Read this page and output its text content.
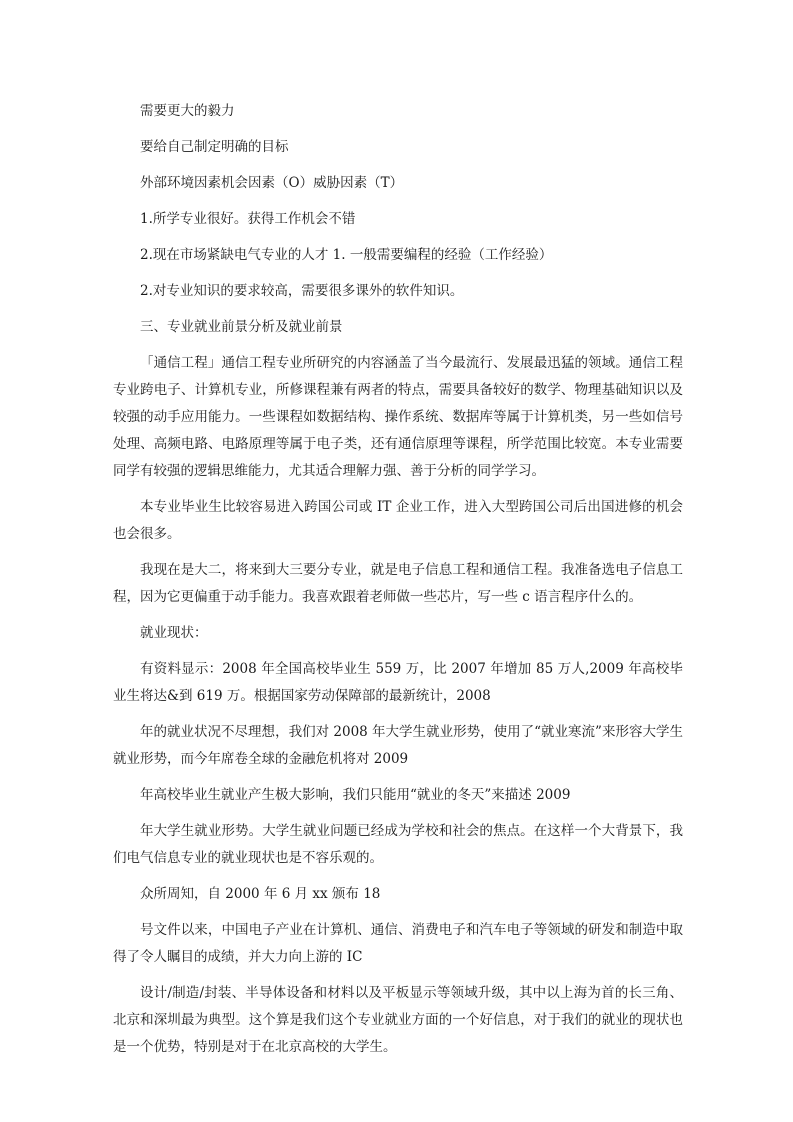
需要更大的毅力

要给自己制定明确的目标

外部环境因素机会因素（O）威胁因素（T）

1.所学专业很好。获得工作机会不错

2.现在市场紧缺电气专业的人才 1. 一般需要编程的经验（工作经验）

2.对专业知识的要求较高，需要很多课外的软件知识。

三、专业就业前景分析及就业前景

「通信工程」通信工程专业所研究的内容涵盖了当今最流行、发展最迅猛的领域。通信工程专业跨电子、计算机专业，所修课程兼有两者的特点，需要具备较好的数学、物理基础知识以及较强的动手应用能力。一些课程如数据结构、操作系统、数据库等属于计算机类，另一些如信号处理、高频电路、电路原理等属于电子类，还有通信原理等课程，所学范围比较宽。本专业需要同学有较强的逻辑思维能力，尤其适合理解力强、善于分析的同学学习。

本专业毕业生比较容易进入跨国公司或 IT 企业工作，进入大型跨国公司后出国进修的机会也会很多。

我现在是大二，将来到大三要分专业，就是电子信息工程和通信工程。我准备选电子信息工程，因为它更偏重于动手能力。我喜欢跟着老师做一些芯片，写一些 c 语言程序什么的。

就业现状：

有资料显示：2008 年全国高校毕业生 559 万，比 2007 年增加 85 万人,2009 年高校毕业生将达&到 619 万。根据国家劳动保障部的最新统计，2008

年的就业状况不尽理想，我们对 2008 年大学生就业形势，使用了“就业寒流”来形容大学生就业形势，而今年席卷全球的金融危机将对 2009

年高校毕业生就业产生极大影响，我们只能用“就业的冬天”来描述 2009

年大学生就业形势。大学生就业问题已经成为学校和社会的焦点。在这样一个大背景下，我们电气信息专业的就业现状也是不容乐观的。

众所周知，自 2000 年 6 月 xx 颁布 18

号文件以来，中国电子产业在计算机、通信、消费电子和汽车电子等领域的研发和制造中取得了令人瞩目的成绩，并大力向上游的 IC

设计/制造/封装、半导体设备和材料以及平板显示等领域升级，其中以上海为首的长三角、北京和深圳最为典型。这个算是我们这个专业就业方面的一个好信息，对于我们的就业的现状也是一个优势，特别是对于在北京高校的大学生。
